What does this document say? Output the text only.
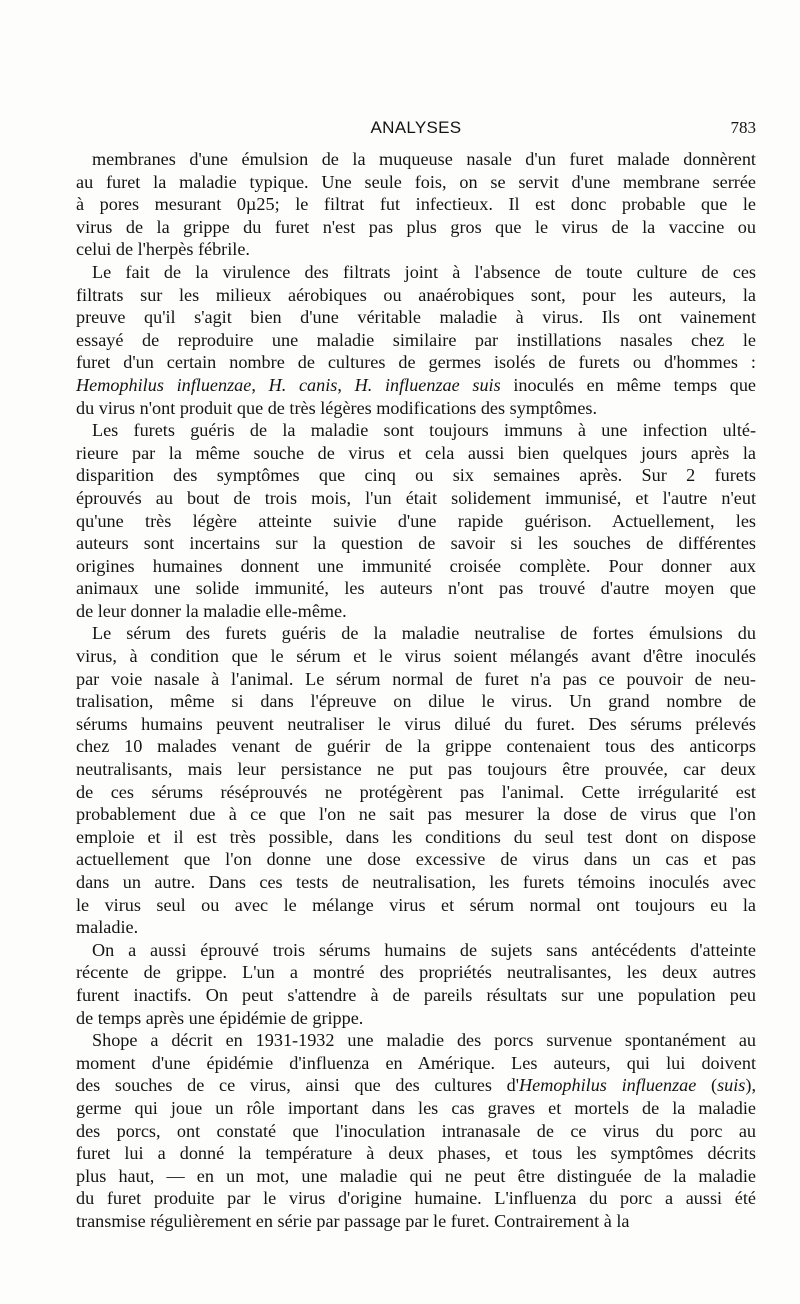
ANALYSES	783
membranes d'une émulsion de la muqueuse nasale d'un furet malade donnèrent
au furet la maladie typique. Une seule fois, on se servit d'une membrane serrée
à pores mesurant 0µ25; le filtrat fut infectieux. Il est donc probable que le
virus de la grippe du furet n'est pas plus gros que le virus de la vaccine ou
celui de l'herpès fébrile.
Le fait de la virulence des filtrats joint à l'absence de toute culture de ces
filtrats sur les milieux aérobiques ou anaérobiques sont, pour les auteurs, la
preuve qu'il s'agit bien d'une véritable maladie à virus. Ils ont vainement
essayé de reproduire une maladie similaire par instillations nasales chez le
furet d'un certain nombre de cultures de germes isolés de furets ou d'hommes :
Hemophilus influenzae, H. canis, H. influenzae suis inoculés en même temps que
du virus n'ont produit que de très légères modifications des symptômes.
Les furets guéris de la maladie sont toujours immuns à une infection ulté-
rieure par la même souche de virus et cela aussi bien quelques jours après la
disparition des symptômes que cinq ou six semaines après. Sur 2 furets
éprouvés au bout de trois mois, l'un était solidement immunisé, et l'autre n'eut
qu'une très légère atteinte suivie d'une rapide guérison. Actuellement, les
auteurs sont incertains sur la question de savoir si les souches de différentes
origines humaines donnent une immunité croisée complète. Pour donner aux
animaux une solide immunité, les auteurs n'ont pas trouvé d'autre moyen que
de leur donner la maladie elle-même.
Le sérum des furets guéris de la maladie neutralise de fortes émulsions du
virus, à condition que le sérum et le virus soient mélangés avant d'être inoculés
par voie nasale à l'animal. Le sérum normal de furet n'a pas ce pouvoir de neu-
tralisation, même si dans l'épreuve on dilue le virus. Un grand nombre de
sérums humains peuvent neutraliser le virus dilué du furet. Des sérums prélevés
chez 10 malades venant de guérir de la grippe contenaient tous des anticorps
neutralisants, mais leur persistance ne put pas toujours être prouvée, car deux
de ces sérums réséprouvés ne protégèrent pas l'animal. Cette irrégularité est
probablement due à ce que l'on ne sait pas mesurer la dose de virus que l'on
emploie et il est très possible, dans les conditions du seul test dont on dispose
actuellement que l'on donne une dose excessive de virus dans un cas et pas
dans un autre. Dans ces tests de neutralisation, les furets témoins inoculés avec
le virus seul ou avec le mélange virus et sérum normal ont toujours eu la
maladie.
On a aussi éprouvé trois sérums humains de sujets sans antécédents d'atteinte
récente de grippe. L'un a montré des propriétés neutralisantes, les deux autres
furent inactifs. On peut s'attendre à de pareils résultats sur une population peu
de temps après une épidémie de grippe.
Shope a décrit en 1931-1932 une maladie des porcs survenue spontanément au
moment d'une épidémie d'influenza en Amérique. Les auteurs, qui lui doivent
des souches de ce virus, ainsi que des cultures d'Hemophilus influenzae (suis),
germe qui joue un rôle important dans les cas graves et mortels de la maladie
des porcs, ont constaté que l'inoculation intranasale de ce virus du porc au
furet lui a donné la température à deux phases, et tous les symptômes décrits
plus haut, — en un mot, une maladie qui ne peut être distinguée de la maladie
du furet produite par le virus d'origine humaine. L'influenza du porc a aussi été
transmise régulièrement en série par passage par le furet. Contrairement à la
